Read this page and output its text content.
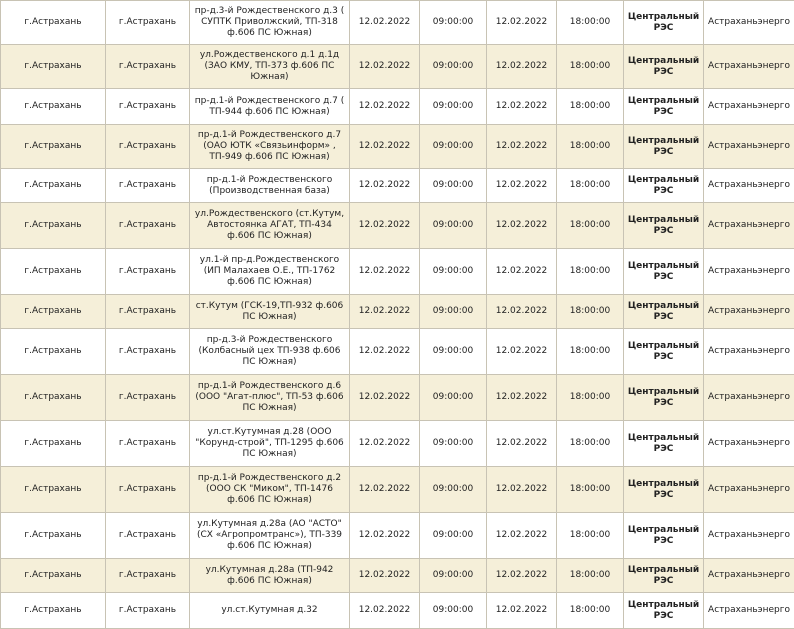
г.Астрахань	г.Астрахань	пр-д.3-й Рождественского д.3 ( СУПТК Приволжский, ТП-318 ф.606 ПС Южная)	12.02.2022	09:00:00	12.02.2022	18:00:00	Центральный РЭС	Астраханьэнерго
г.Астрахань	г.Астрахань	ул.Рождественского д.1 д.1д (ЗАО КМУ, ТП-373 ф.606 ПС Южная)	12.02.2022	09:00:00	12.02.2022	18:00:00	Центральный РЭС	Астраханьэнерго
г.Астрахань	г.Астрахань	пр-д.1-й Рождественского д.7 ( ТП-944 ф.606 ПС Южная)	12.02.2022	09:00:00	12.02.2022	18:00:00	Центральный РЭС	Астраханьэнерго
г.Астрахань	г.Астрахань	пр-д.1-й Рождественского д.7 (ОАО ЮТК «Связьинформ» , ТП-949 ф.606 ПС Южная)	12.02.2022	09:00:00	12.02.2022	18:00:00	Центральный РЭС	Астраханьэнерго
г.Астрахань	г.Астрахань	пр-д.1-й Рождественского (Производственная база)	12.02.2022	09:00:00	12.02.2022	18:00:00	Центральный РЭС	Астраханьэнерго
г.Астрахань	г.Астрахань	ул.Рождественского (ст.Кутум, Автостоянка АГАТ, ТП-434 ф.606 ПС Южная)	12.02.2022	09:00:00	12.02.2022	18:00:00	Центральный РЭС	Астраханьэнерго
г.Астрахань	г.Астрахань	ул.1-й пр-д.Рождественского (ИП Малахаев О.Е., ТП-1762 ф.606 ПС Южная)	12.02.2022	09:00:00	12.02.2022	18:00:00	Центральный РЭС	Астраханьэнерго
г.Астрахань	г.Астрахань	ст.Кутум (ГСК-19,ТП-932 ф.606 ПС Южная)	12.02.2022	09:00:00	12.02.2022	18:00:00	Центральный РЭС	Астраханьэнерго
г.Астрахань	г.Астрахань	пр-д.3-й Рождественского (Колбасный цех ТП-938 ф.606 ПС Южная)	12.02.2022	09:00:00	12.02.2022	18:00:00	Центральный РЭС	Астраханьэнерго
г.Астрахань	г.Астрахань	пр-д.1-й Рождественского д.6 (ООО "Агат-плюс", ТП-53 ф.606 ПС Южная)	12.02.2022	09:00:00	12.02.2022	18:00:00	Центральный РЭС	Астраханьэнерго
г.Астрахань	г.Астрахань	ул.ст.Кутумная д.28 (ООО "Корунд-строй", ТП-1295 ф.606 ПС Южная)	12.02.2022	09:00:00	12.02.2022	18:00:00	Центральный РЭС	Астраханьэнерго
г.Астрахань	г.Астрахань	пр-д.1-й Рождественского д.2 (ООО СК "Миком", ТП-1476 ф.606 ПС Южная)	12.02.2022	09:00:00	12.02.2022	18:00:00	Центральный РЭС	Астраханьэнерго
г.Астрахань	г.Астрахань	ул.Кутумная д.28а (АО "АСТО" (СХ «Агропромтранс»), ТП-339 ф.606 ПС Южная)	12.02.2022	09:00:00	12.02.2022	18:00:00	Центральный РЭС	Астраханьэнерго
г.Астрахань	г.Астрахань	ул.Кутумная д.28а (ТП-942 ф.606 ПС Южная)	12.02.2022	09:00:00	12.02.2022	18:00:00	Центральный РЭС	Астраханьэнерго
г.Астрахань	г.Астрахань	ул.ст.Кутумная д.32	12.02.2022	09:00:00	12.02.2022	18:00:00	Центральный РЭС	Астраханьэнерго
